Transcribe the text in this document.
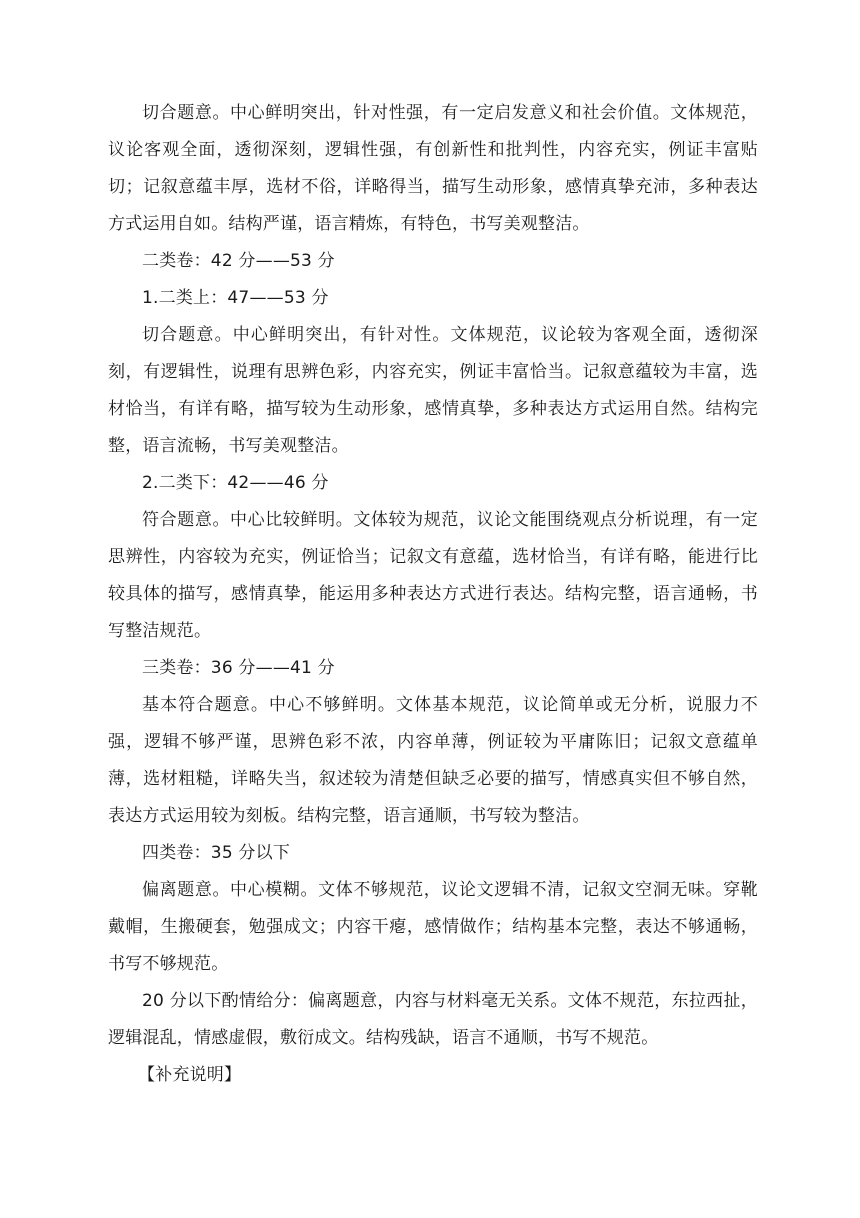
切合题意。中心鲜明突出，针对性强，有一定启发意义和社会价值。文体规范，议论客观全面，透彻深刻，逻辑性强，有创新性和批判性，内容充实，例证丰富贴切；记叙意蕴丰厚，选材不俗，详略得当，描写生动形象，感情真挚充沛，多种表达方式运用自如。结构严谨，语言精炼，有特色，书写美观整洁。

二类卷：42 分——53 分

1.二类上：47——53 分

切合题意。中心鲜明突出，有针对性。文体规范，议论较为客观全面，透彻深刻，有逻辑性，说理有思辨色彩，内容充实，例证丰富恰当。记叙意蕴较为丰富，选材恰当，有详有略，描写较为生动形象，感情真挚，多种表达方式运用自然。结构完整，语言流畅，书写美观整洁。

2.二类下：42——46 分

符合题意。中心比较鲜明。文体较为规范，议论文能围绕观点分析说理，有一定思辨性，内容较为充实，例证恰当；记叙文有意蕴，选材恰当，有详有略，能进行比较具体的描写，感情真挚，能运用多种表达方式进行表达。结构完整，语言通畅，书写整洁规范。

三类卷：36 分——41 分

基本符合题意。中心不够鲜明。文体基本规范，议论简单或无分析，说服力不强，逻辑不够严谨，思辨色彩不浓，内容单薄，例证较为平庸陈旧；记叙文意蕴单薄，选材粗糙，详略失当，叙述较为清楚但缺乏必要的描写，情感真实但不够自然，表达方式运用较为刻板。结构完整，语言通顺，书写较为整洁。

四类卷：35 分以下

偏离题意。中心模糊。文体不够规范，议论文逻辑不清，记叙文空洞无味。穿靴戴帽，生搬硬套，勉强成文；内容干瘪，感情做作；结构基本完整，表达不够通畅，书写不够规范。

20 分以下酌情给分：偏离题意，内容与材料毫无关系。文体不规范，东拉西扯，逻辑混乱，情感虚假，敷衍成文。结构残缺，语言不通顺，书写不规范。

【补充说明】
